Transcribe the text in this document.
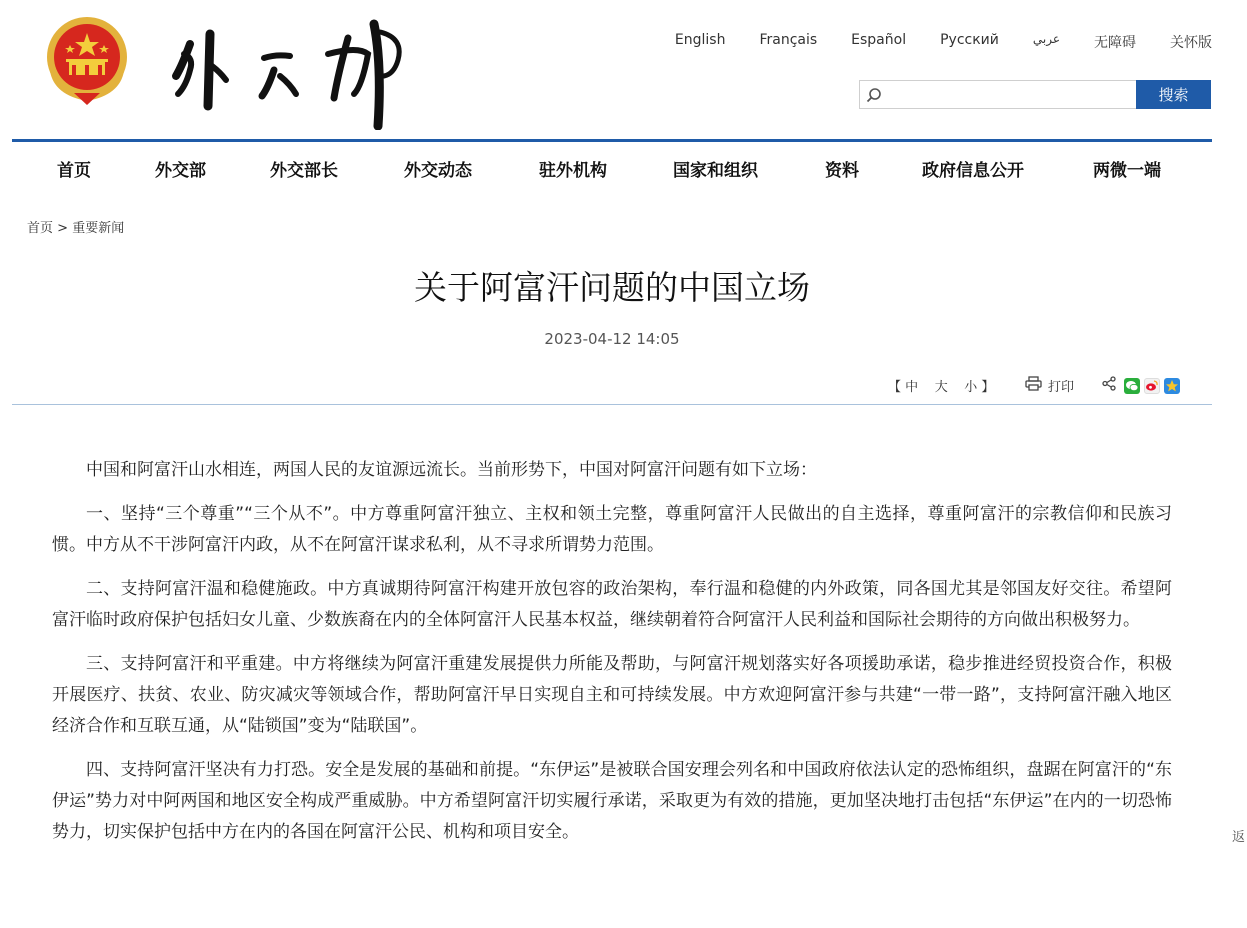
English Français Español Русский	عربي 无障碍 关怀版
搜索
首页	外交部	外交部长	外交动态	驻外机构	国家和组织	资料	政府信息公开	两微一端
首页 > 重要新闻
关于阿富汗问题的中国立场
2023-04-12 14:05
【 中 大 小 】	打印

中国和阿富汗山水相连，两国人民的友谊源远流长。当前形势下，中国对阿富汗问题有如下立场：

一、坚持“三个尊重”“三个从不”。中方尊重阿富汗独立、主权和领土完整，尊重阿富汗人民做出的自主选择，尊重阿富汗的宗教信仰和民族习惯。中方从不干涉阿富汗内政，从不在阿富汗谋求私利，从不寻求所谓势力范围。

二、支持阿富汗温和稳健施政。中方真诚期待阿富汗构建开放包容的政治架构，奉行温和稳健的内外政策，同各国尤其是邻国友好交往。希望阿富汗临时政府保护包括妇女儿童、少数族裔在内的全体阿富汗人民基本权益，继续朝着符合阿富汗人民利益和国际社会期待的方向做出积极努力。

三、支持阿富汗和平重建。中方将继续为阿富汗重建发展提供力所能及帮助，与阿富汗规划落实好各项援助承诺，稳步推进经贸投资合作，积极开展医疗、扶贫、农业、防灾减灾等领域合作，帮助阿富汗早日实现自主和可持续发展。中方欢迎阿富汗参与共建“一带一路”，支持阿富汗融入地区经济合作和互联互通，从“陆锁国”变为“陆联国”。

四、支持阿富汗坚决有力打恐。安全是发展的基础和前提。“东伊运”是被联合国安理会列名和中国政府依法认定的恐怖组织，盘踞在阿富汗的“东伊运”势力对中阿两国和地区安全构成严重威胁。中方希望阿富汗切实履行承诺，采取更为有效的措施，更加坚决地打击包括“东伊运”在内的一切恐怖势力，切实保护包括中方在内的各国在阿富汗公民、机构和项目安全。	返
